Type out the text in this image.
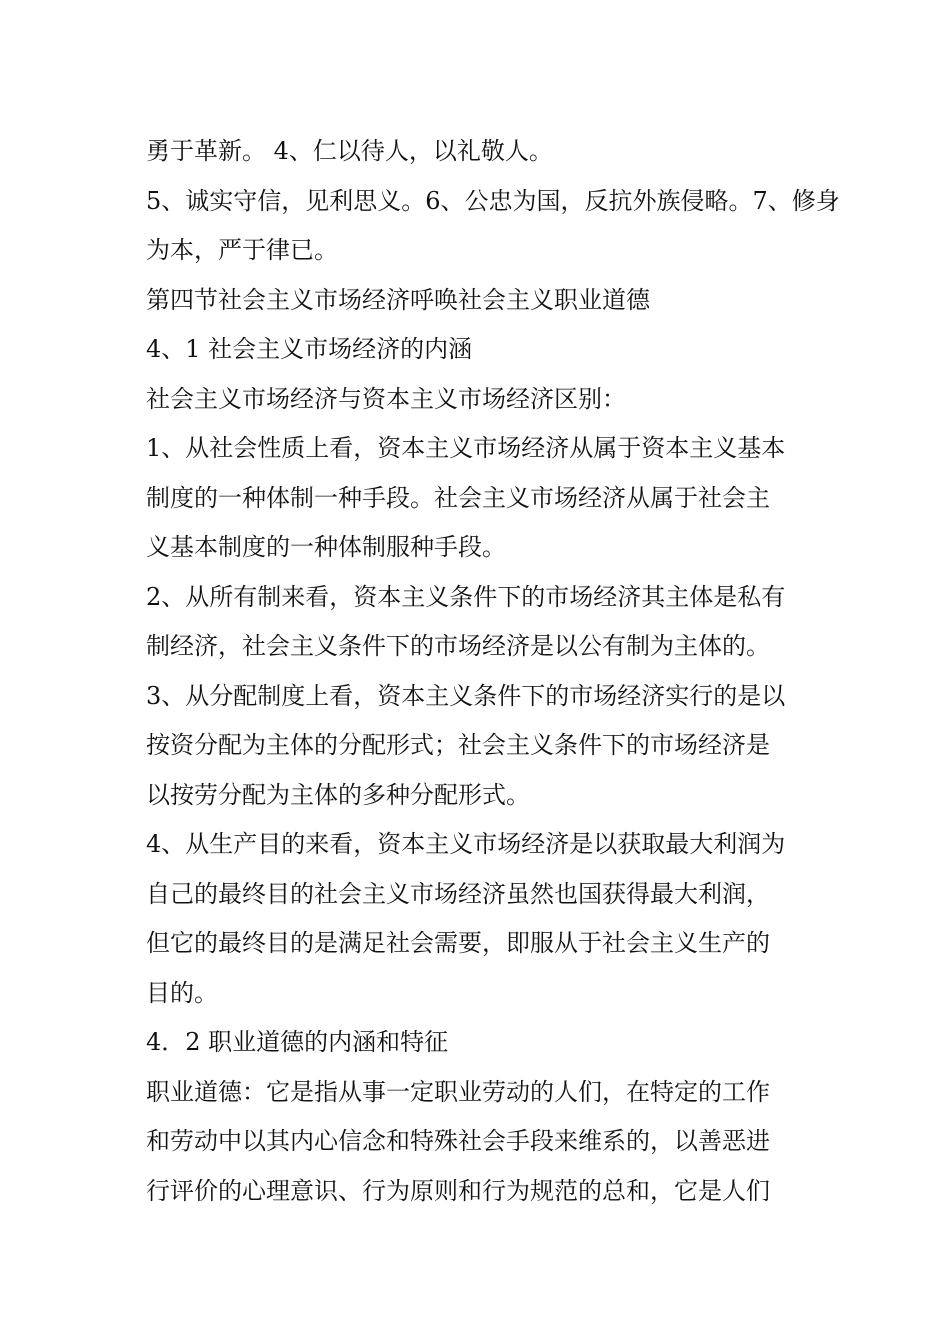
勇于革新。 4、仁以待人，以礼敬人。
5、诚实守信，见利思义。6、公忠为国，反抗外族侵略。7、修身
为本，严于律已。
第四节社会主义市场经济呼唤社会主义职业道德
4、1 社会主义市场经济的内涵
社会主义市场经济与资本主义市场经济区别：
1、从社会性质上看，资本主义市场经济从属于资本主义基本
制度的一种体制一种手段。社会主义市场经济从属于社会主
义基本制度的一种体制服种手段。
2、从所有制来看，资本主义条件下的市场经济其主体是私有
制经济，社会主义条件下的市场经济是以公有制为主体的。
3、从分配制度上看，资本主义条件下的市场经济实行的是以
按资分配为主体的分配形式；社会主义条件下的市场经济是
以按劳分配为主体的多种分配形式。
4、从生产目的来看，资本主义市场经济是以获取最大利润为
自己的最终目的社会主义市场经济虽然也国获得最大利润，
但它的最终目的是满足社会需要，即服从于社会主义生产的
目的。
4．2 职业道德的内涵和特征
职业道德：它是指从事一定职业劳动的人们，在特定的工作
和劳动中以其内心信念和特殊社会手段来维系的，以善恶进
行评价的心理意识、行为原则和行为规范的总和，它是人们
